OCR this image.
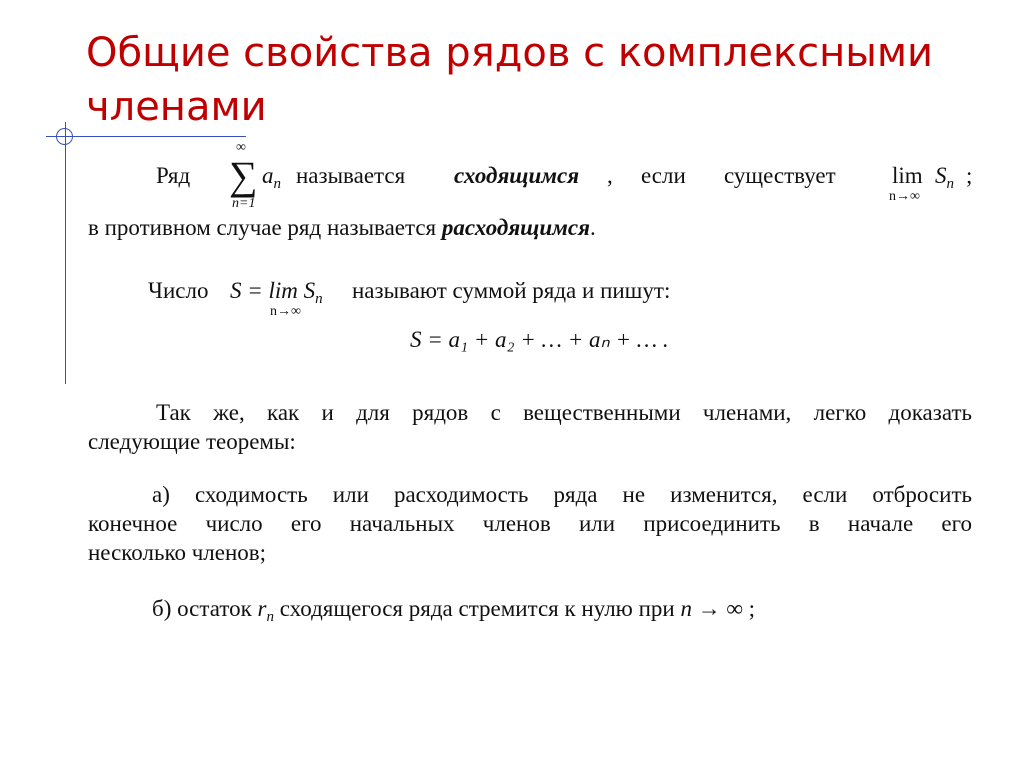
Общие свойства рядов с комплексными членами
Ряд
∞
∑
n=1
$a_n$ называется сходящимся , если существует lim
n→∞
$S_n$ ;
в противном случае ряд называется расходящимся.
Число $S = \lim S_n$
n→∞
называют суммой ряда и пишут:
S = a₁ + a₂ + … + aₙ + … .
Так же, как и для рядов с вещественными членами, легко доказать
следующие теоремы:
а) сходимость или расходимость ряда не изменится, если отбросить
конечное число его начальных членов или присоединить в начале его
несколько членов;
б) остаток $r_n$ сходящегося ряда стремится к нулю при n → ∞ ;
